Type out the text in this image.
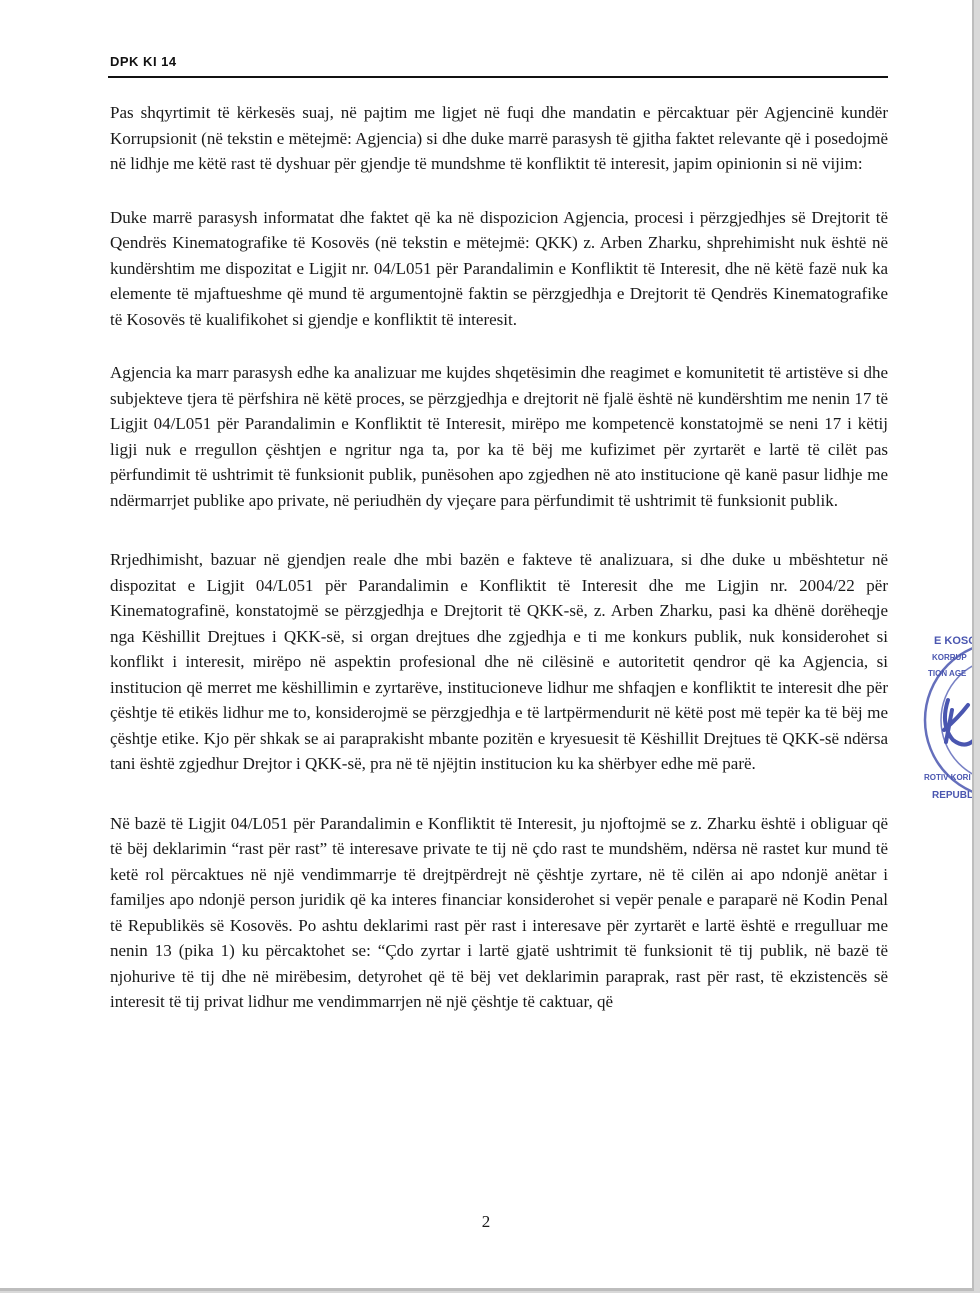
DPK KI 14

Pas shqyrtimit të kërkesës suaj, në pajtim me ligjet në fuqi dhe mandatin e përcaktuar për Agjencinë kundër Korrupsionit (në tekstin e mëtejmë: Agjencia) si dhe duke marrë parasysh të gjitha faktet relevante që i posedojmë në lidhje me këtë rast të dyshuar për gjendje të mundshme të konfliktit të interesit, japim opinionin si në vijim:

Duke marrë parasysh informatat dhe faktet që ka në dispozicion Agjencia, procesi i përzgjedhjes së Drejtorit të Qendrës Kinematografike të Kosovës (në tekstin e mëtejmë: QKK) z. Arben Zharku, shprehimisht nuk është në kundërshtim me dispozitat e Ligjit nr. 04/L051 për Parandalimin e Konfliktit të Interesit, dhe në këtë fazë nuk ka elemente të mjaftueshme që mund të argumentojnë faktin se përzgjedhja e Drejtorit të Qendrës Kinematografike të Kosovës të kualifikohet si gjendje e konfliktit të interesit.

Agjencia ka marr parasysh edhe ka analizuar me kujdes shqetësimin dhe reagimet e komunitetit të artistëve si dhe subjekteve tjera të përfshira në këtë proces, se përzgjedhja e drejtorit në fjalë është në kundërshtim me nenin 17 të Ligjit 04/L051 për Parandalimin e Konfliktit të Interesit, mirëpo me kompetencë konstatojmë se neni 17 i këtij ligji nuk e rregullon çështjen e ngritur nga ta, por ka të bëj me kufizimet për zyrtarët e lartë të cilët pas përfundimit të ushtrimit të funksionit publik, punësohen apo zgjedhen në ato institucione që kanë pasur lidhje me ndërmarrjet publike apo private, në periudhën dy vjeçare para përfundimit të ushtrimit të funksionit publik.

Rrjedhimisht, bazuar në gjendjen reale dhe mbi bazën e fakteve të analizuara, si dhe duke u mbështetur në dispozitat e Ligjit 04/L051 për Parandalimin e Konfliktit të Interesit dhe me Ligjin nr. 2004/22 për Kinematografinë, konstatojmë se përzgjedhja e Drejtorit të QKK-së, z. Arben Zharku, pasi ka dhënë dorëheqje nga Këshillit Drejtues i QKK-së, si organ drejtues dhe zgjedhja e ti me konkurs publik, nuk konsiderohet si konflikt i interesit, mirëpo në aspektin profesional dhe në cilësinë e autoritetit qendror që ka Agjencia, si institucion që merret me këshillimin e zyrtarëve, institucioneve lidhur me shfaqjen e konfliktit te interesit dhe për çështje të etikës lidhur me to, konsiderojmë se përzgjedhja e të lartpërmendurit në këtë post më tepër ka të bëj me çështje etike. Kjo për shkak se ai paraprakisht mbante pozitën e kryesuesit të Këshillit Drejtues të QKK-së ndërsa tani është zgjedhur Drejtor i QKK-së, pra në të njëjtin institucion ku ka shërbyer edhe më parë.

Në bazë të Ligjit 04/L051 për Parandalimin e Konfliktit të Interesit, ju njoftojmë se z. Zharku është i obliguar që të bëj deklarimin “rast për rast” të interesave private te tij në çdo rast te mundshëm, ndërsa në rastet kur mund të ketë rol përcaktues në një vendimmarrje të drejtpërdrejt në çështje zyrtare, në të cilën ai apo ndonjë anëtar i familjes apo ndonjë person juridik që ka interes financiar konsiderohet si vepër penale e paraparë në Kodin Penal të Republikës së Kosovës. Po ashtu deklarimi rast për rast i interesave për zyrtarët e lartë është e rregulluar me nenin 13 (pika 1) ku përcaktohet se: “Çdo zyrtar i lartë gjatë ushtrimit të funksionit të tij publik, në bazë të njohurive të tij dhe në mirëbesim, detyrohet që të bëj vet deklarimin paraprak, rast për rast, të ekzistencës së interesit të tij privat lidhur me vendimmarrjen në një çështje të caktuar, që

2
E KOSO
KORRUP
TION AGE
ROTIV KORI
REPUBL
